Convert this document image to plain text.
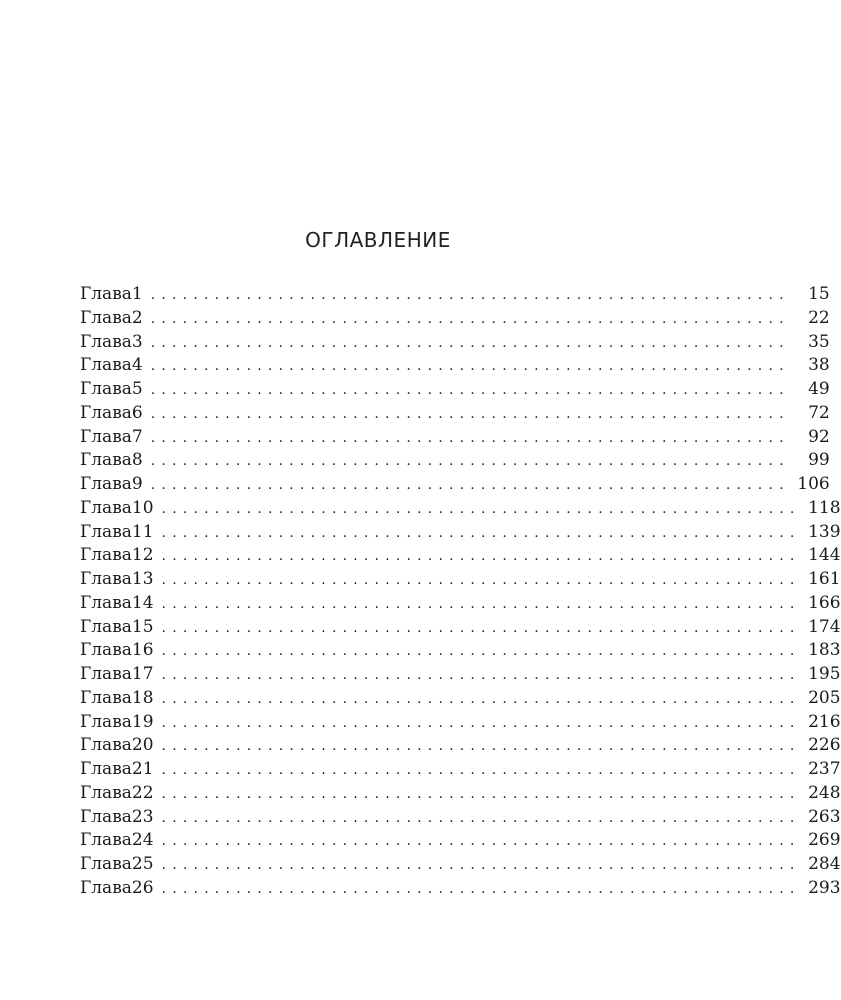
ОГЛАВЛЕНИЕ
Глава 1 ............................................................	15
Глава 2 ............................................................	22
Глава 3 ............................................................	35
Глава 4 ............................................................	38
Глава 5 ............................................................	49
Глава 6 ............................................................	72
Глава 7 ............................................................	92
Глава 8 ............................................................	99
Глава 9 ............................................................ 106
Глава 10 ............................................................ 118
Глава 11 ............................................................ 139
Глава 12 ............................................................ 144
Глава 13 ............................................................ 161
Глава 14 ............................................................ 166
Глава 15 ............................................................ 174
Глава 16 ............................................................ 183
Глава 17 ............................................................ 195
Глава 18 ............................................................ 205
Глава 19 ............................................................ 216
Глава 20 ............................................................ 226
Глава 21 ............................................................ 237
Глава 22 ............................................................ 248
Глава 23 ............................................................ 263
Глава 24 ............................................................ 269
Глава 25 ............................................................ 284
Глава 26 ............................................................ 293
